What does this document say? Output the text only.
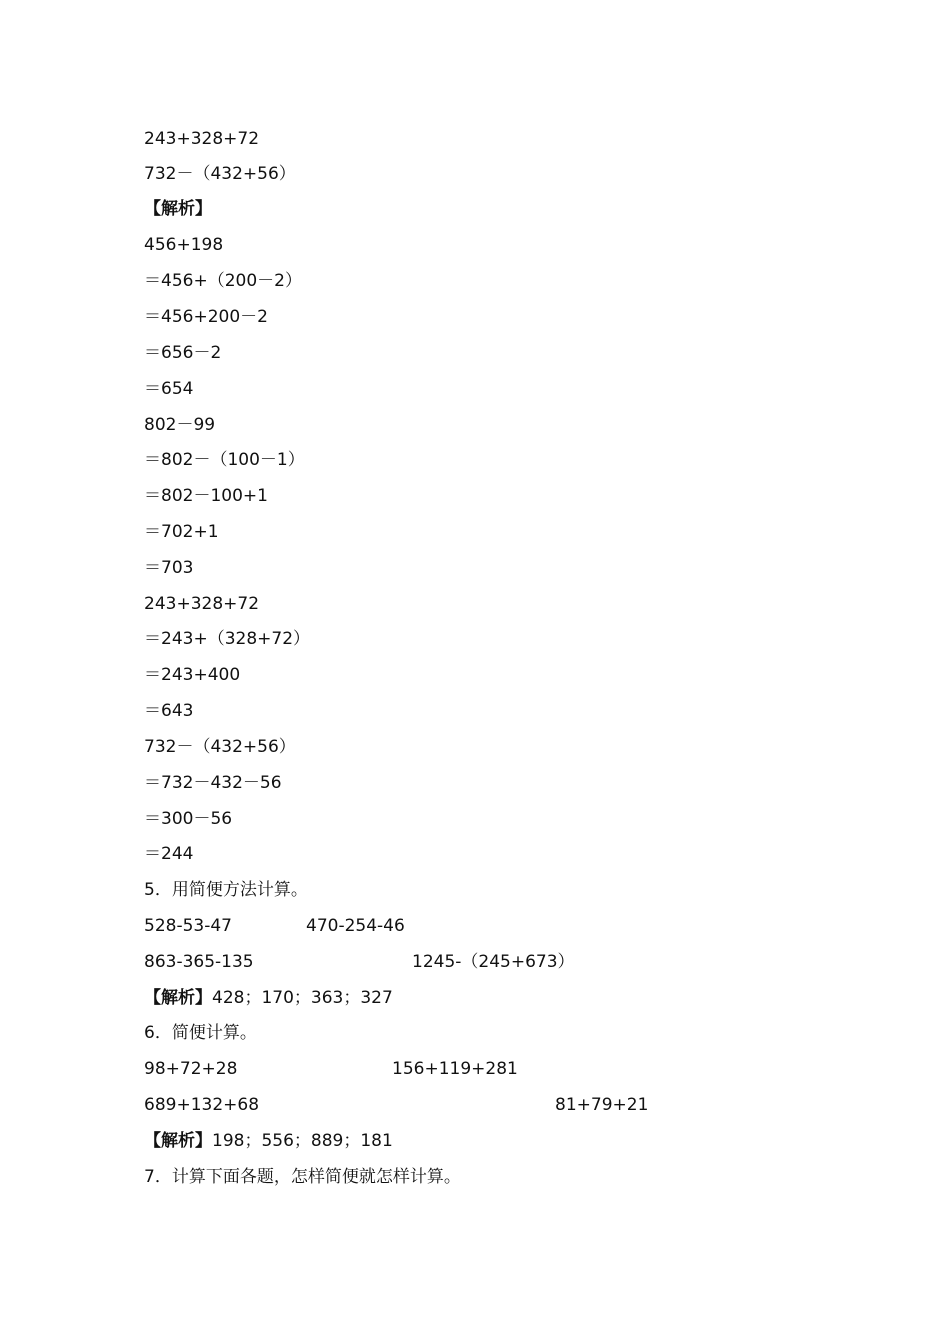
243+328+72
732－（432+56）
【解析】
456+198
＝456+（200－2）
＝456+200－2
＝656－2
＝654
802－99
＝802－（100－1）
＝802－100+1
＝702+1
＝703
243+328+72
＝243+（328+72）
＝243+400
＝643
732－（432+56）
＝732－432－56
＝300－56
＝244
5．用简便方法计算。

528-53-47

	470-254-46

863-365-135

	1245-（245+673）

【解析】428；170；363；327
6．简便计算。

98+72+28

	156+119+281

689+132+68

	81+79+21

【解析】198；556；889；181
7．计算下面各题，怎样简便就怎样计算。
